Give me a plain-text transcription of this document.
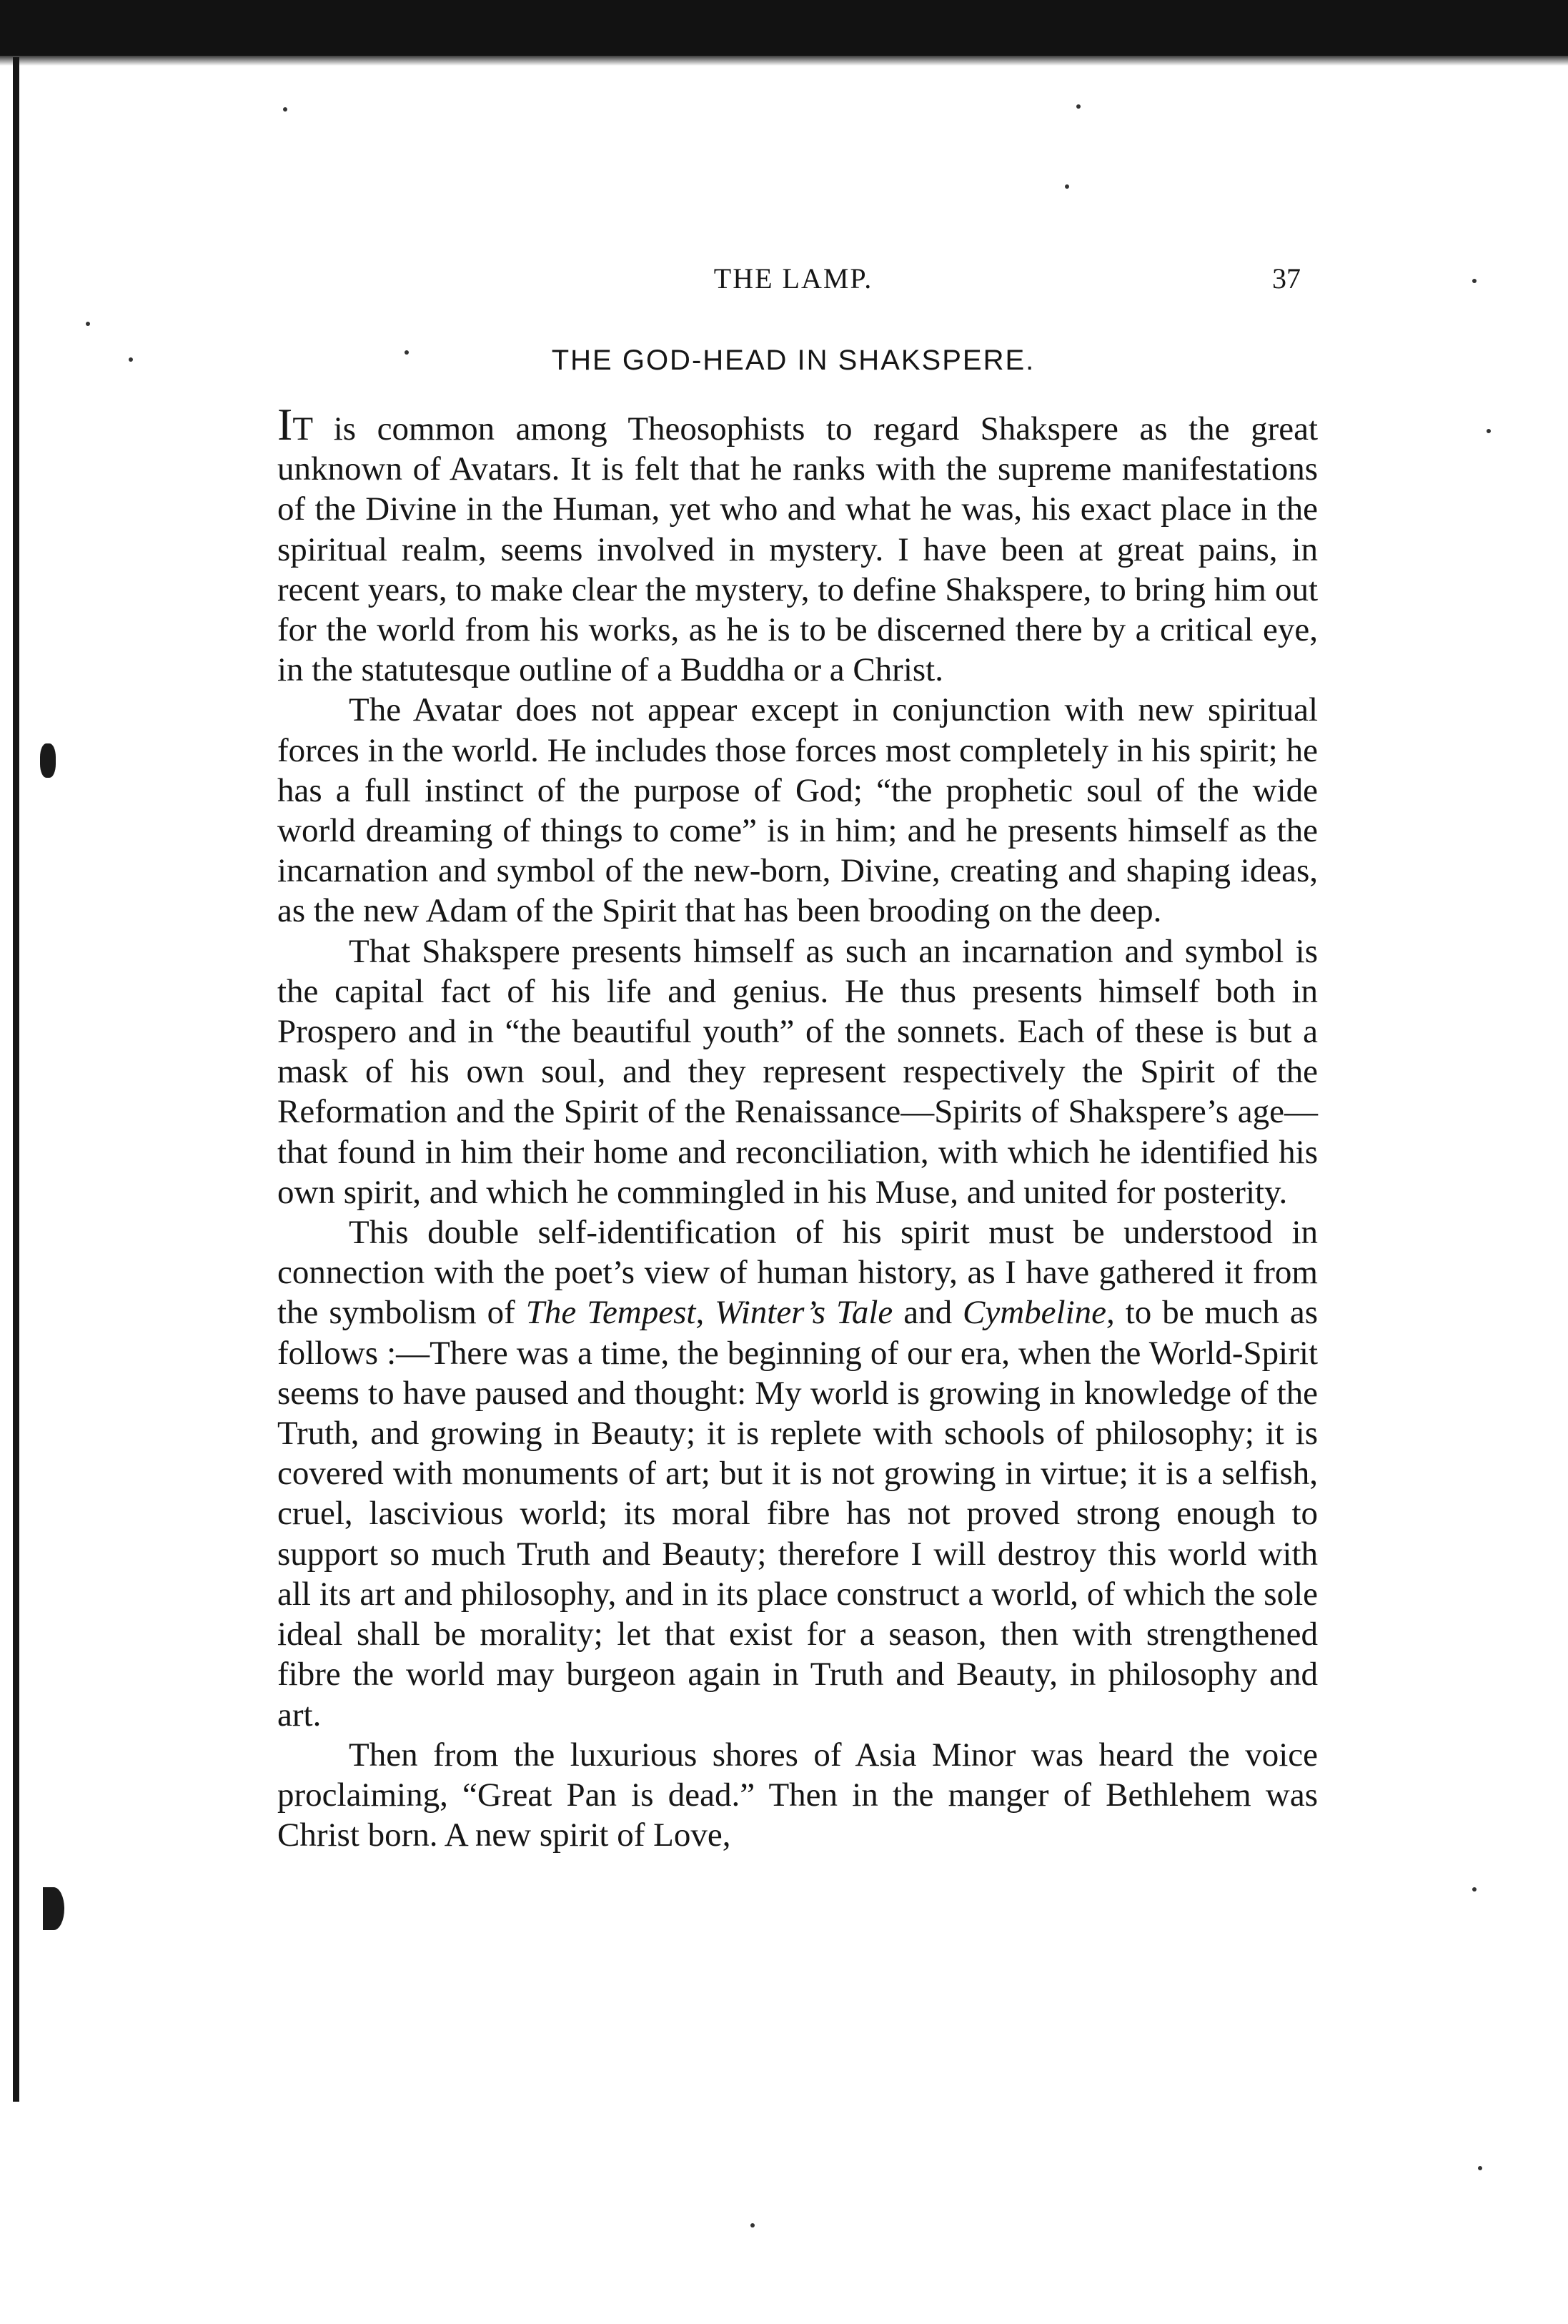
THE LAMP.	37
THE GOD-HEAD IN SHAKSPERE.

IT is common among Theosophists to regard Shakspere as the great unknown of Avatars. It is felt that he ranks with the supreme manifestations of the Divine in the Human, yet who and what he was, his exact place in the spiritual realm, seems involved in mystery. I have been at great pains, in recent years, to make clear the mystery, to define Shakspere, to bring him out for the world from his works, as he is to be discerned there by a critical eye, in the statutesque outline of a Buddha or a Christ.

The Avatar does not appear except in conjunction with new spiritual forces in the world. He includes those forces most completely in his spirit; he has a full instinct of the purpose of God; “the prophetic soul of the wide world dreaming of things to come” is in him; and he presents himself as the incarnation and symbol of the new-born, Divine, creating and shaping ideas, as the new Adam of the Spirit that has been brooding on the deep.

That Shakspere presents himself as such an incarnation and symbol is the capital fact of his life and genius. He thus presents himself both in Prospero and in “the beautiful youth” of the sonnets. Each of these is but a mask of his own soul, and they represent respectively the Spirit of the Reformation and the Spirit of the Renaissance—Spirits of Shakspere’s age—that found in him their home and reconciliation, with which he identified his own spirit, and which he commingled in his Muse, and united for posterity.

This double self-identification of his spirit must be understood in connection with the poet’s view of human history, as I have gathered it from the symbolism of The Tempest, Winter’s Tale and Cymbeline, to be much as follows :—There was a time, the beginning of our era, when the World-Spirit seems to have paused and thought: My world is growing in knowledge of the Truth, and growing in Beauty; it is replete with schools of philosophy; it is covered with monuments of art; but it is not growing in virtue; it is a selfish, cruel, lascivious world; its moral fibre has not proved strong enough to support so much Truth and Beauty; therefore I will destroy this world with all its art and philosophy, and in its place construct a world, of which the sole ideal shall be morality; let that exist for a season, then with strengthened fibre the world may burgeon again in Truth and Beauty, in philosophy and art.

Then from the luxurious shores of Asia Minor was heard the voice proclaiming, “Great Pan is dead.” Then in the manger of Bethlehem was Christ born. A new spirit of Love,
